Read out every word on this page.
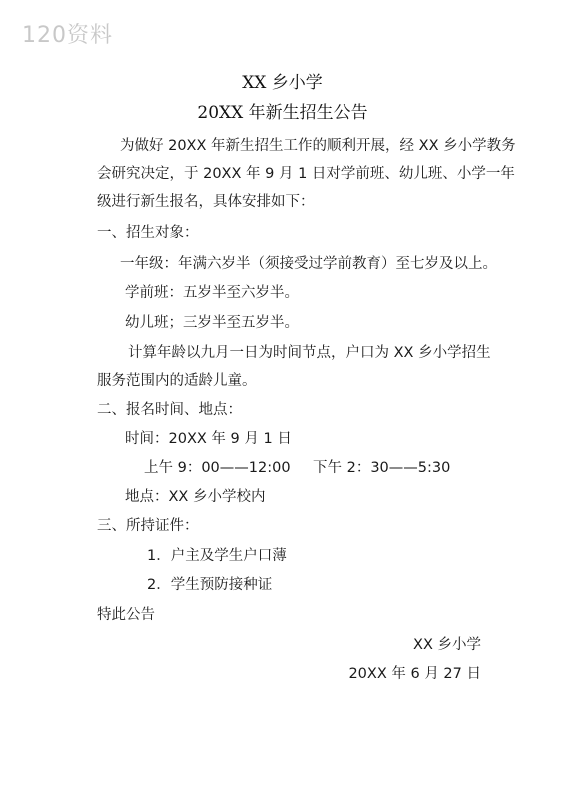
120资料
XX 乡小学
20XX 年新生招生公告
为做好 20XX 年新生招生工作的顺利开展，经 XX 乡小学教务
会研究决定，于 20XX 年 9 月 1 日对学前班、幼儿班、小学一年
级进行新生报名，具体安排如下：
一、招生对象：
一年级：年满六岁半（须接受过学前教育）至七岁及以上。
学前班：五岁半至六岁半。
幼儿班；三岁半至五岁半。
计算年龄以九月一日为时间节点，户口为 XX 乡小学招生
服务范围内的适龄儿童。
二、报名时间、地点：
时间：20XX 年 9 月 1 日
上午 9：00——12:00 下午 2：30——5:30
地点：XX 乡小学校内
三、所持证件：
1．户主及学生户口薄
2．学生预防接种证
特此公告
XX 乡小学
20XX 年 6 月 27 日
